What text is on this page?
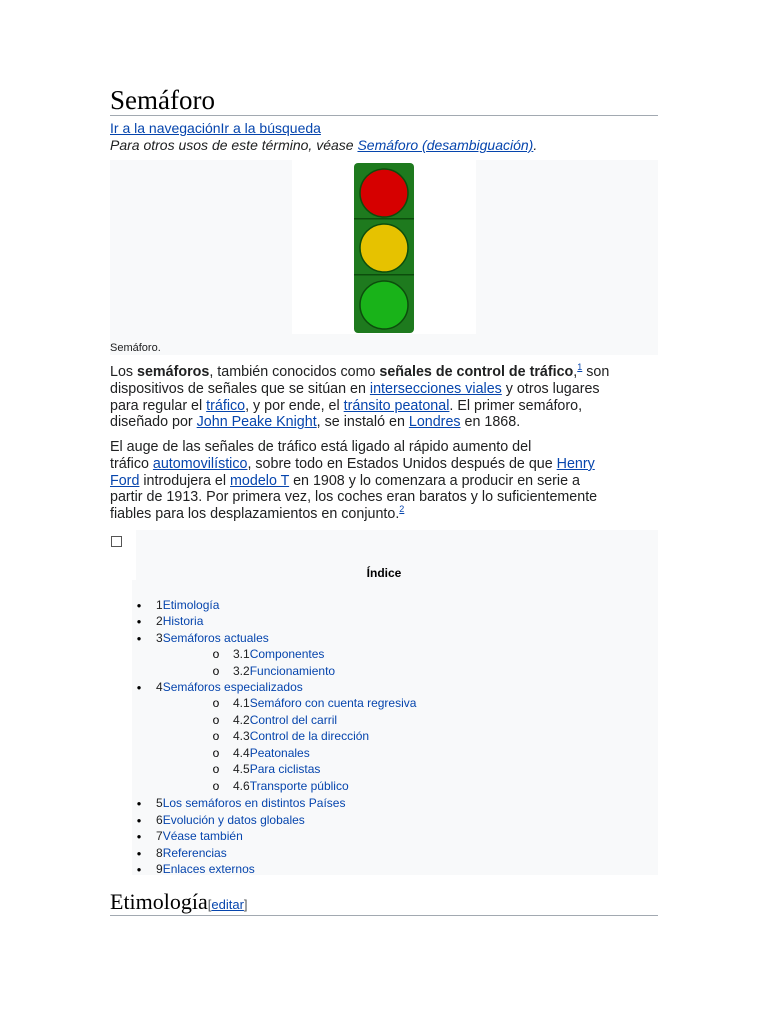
Semáforo
Ir a la navegaciónIr a la búsqueda
Para otros usos de este término, véase Semáforo (desambiguación).
Semáforo.
Los semáforos, también conocidos como señales de control de tráfico,$^1$ son
dispositivos de señales que se sitúan en intersecciones viales y otros lugares
para regular el tráfico, y por ende, el tránsito peatonal. El primer semáforo,
diseñado por John Peake Knight, se instaló en Londres en 1868.
El auge de las señales de tráfico está ligado al rápido aumento del
tráfico automovilístico, sobre todo en Estados Unidos después de que Henry
Ford introdujera el modelo T en 1908 y lo comenzara a producir en serie a
partir de 1913. Por primera vez, los coches eran baratos y lo suficientemente
fiables para los desplazamientos en conjunto.$^2$
Índice
●	1Etimología
●	2Historia
●	3Semáforos actuales
o	3.1Componentes
o	3.2Funcionamiento
●	4Semáforos especializados
o	4.1Semáforo con cuenta regresiva
o	4.2Control del carril
o	4.3Control de la dirección
o	4.4Peatonales
o	4.5Para ciclistas
o	4.6Transporte público
●	5Los semáforos en distintos Países
●	6Evolución y datos globales
●	7Véase también
●	8Referencias
●	9Enlaces externos
Etimología[editar]
